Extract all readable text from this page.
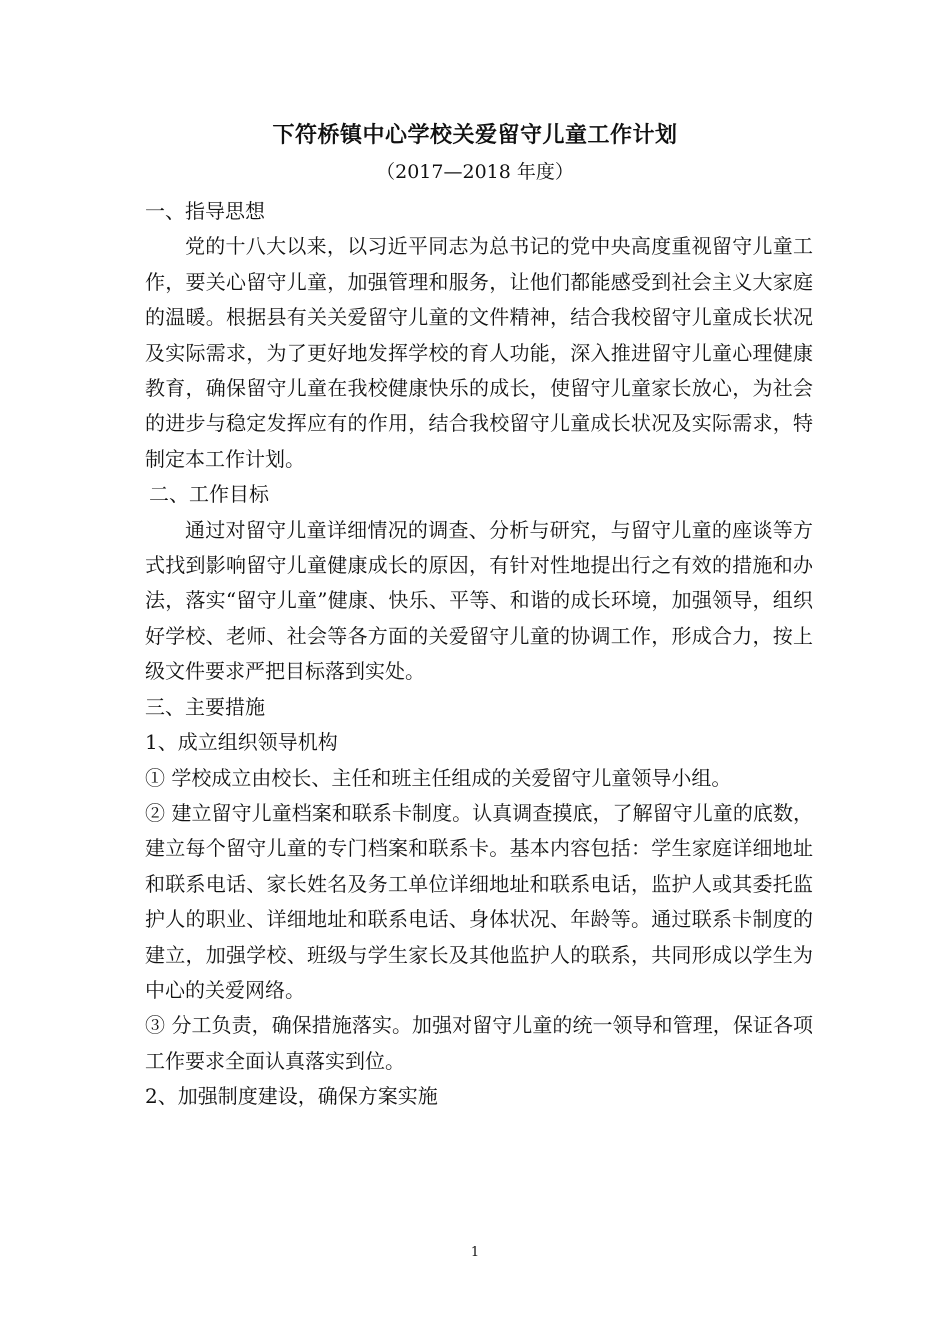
下符桥镇中心学校关爱留守儿童工作计划
（2017—2018 年度）

一、指导思想

党的十八大以来，以习近平同志为总书记的党中央高度重视留守儿童工作，要关心留守儿童，加强管理和服务，让他们都能感受到社会主义大家庭的温暖。根据县有关关爱留守儿童的文件精神，结合我校留守儿童成长状况及实际需求，为了更好地发挥学校的育人功能，深入推进留守儿童心理健康教育，确保留守儿童在我校健康快乐的成长，使留守儿童家长放心，为社会的进步与稳定发挥应有的作用，结合我校留守儿童成长状况及实际需求，特制定本工作计划。

二、工作目标

通过对留守儿童详细情况的调查、分析与研究，与留守儿童的座谈等方式找到影响留守儿童健康成长的原因，有针对性地提出行之有效的措施和办法，落实“留守儿童”健康、快乐、平等、和谐的成长环境，加强领导，组织好学校、老师、社会等各方面的关爱留守儿童的协调工作，形成合力，按上级文件要求严把目标落到实处。

三、主要措施

1、成立组织领导机构

① 学校成立由校长、主任和班主任组成的关爱留守儿童领导小组。

② 建立留守儿童档案和联系卡制度。认真调查摸底，了解留守儿童的底数，建立每个留守儿童的专门档案和联系卡。基本内容包括：学生家庭详细地址和联系电话、家长姓名及务工单位详细地址和联系电话，监护人或其委托监护人的职业、详细地址和联系电话、身体状况、年龄等。通过联系卡制度的建立，加强学校、班级与学生家长及其他监护人的联系，共同形成以学生为中心的关爱网络。

③ 分工负责，确保措施落实。加强对留守儿童的统一领导和管理，保证各项工作要求全面认真落实到位。

2、加强制度建设，确保方案实施

1
